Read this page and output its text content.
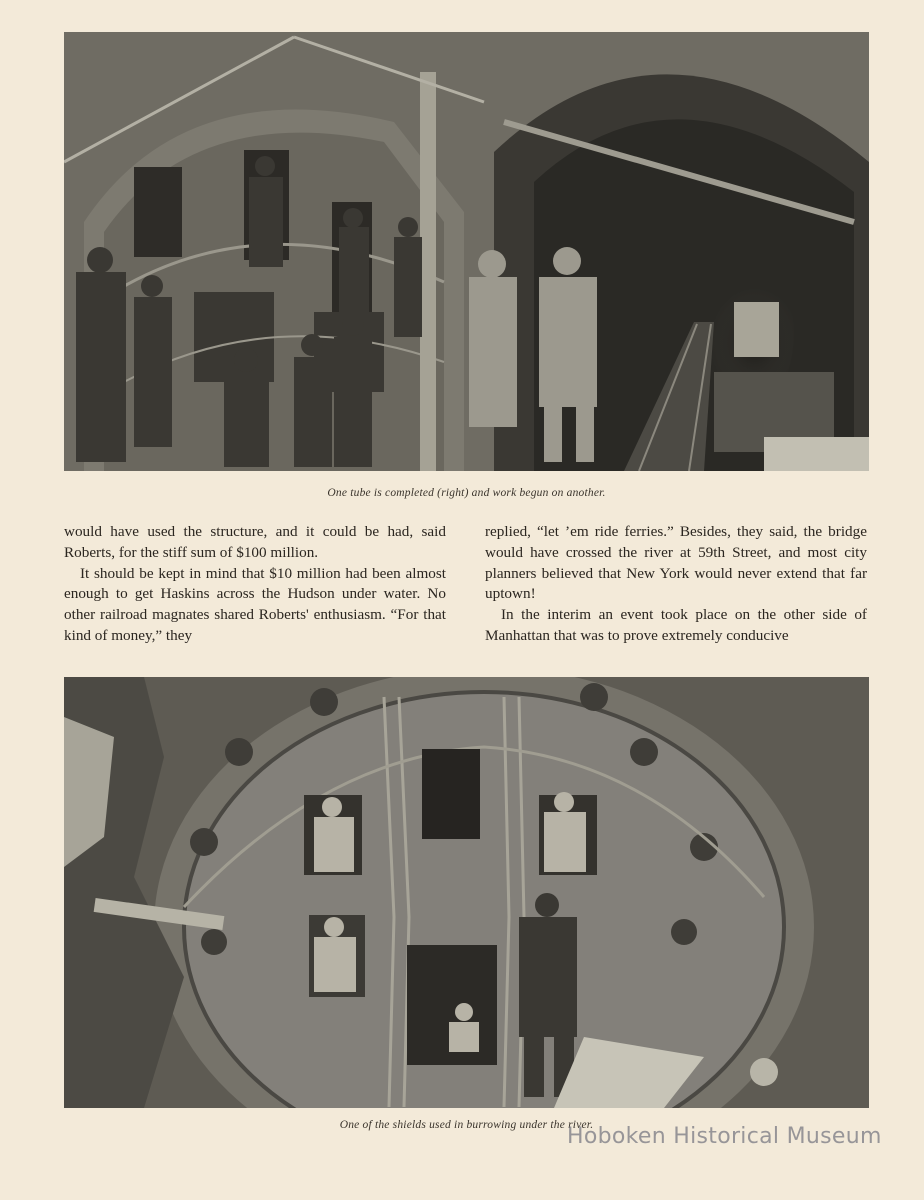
One tube is completed (right) and work begun on another.

would have used the structure, and it could be had, said Roberts, for the stiff sum of $100 million.

It should be kept in mind that $10 million had been almost enough to get Haskins across the Hudson under water. No other railroad magnates shared Roberts' enthusiasm. “For that kind of money,” they

replied, “let ’em ride ferries.” Besides, they said, the bridge would have crossed the river at 59th Street, and most city planners believed that New York would never extend that far uptown!

In the interim an event took place on the other side of Manhattan that was to prove extremely conducive

One of the shields used in burrowing under the river.
Hoboken Historical Museum
